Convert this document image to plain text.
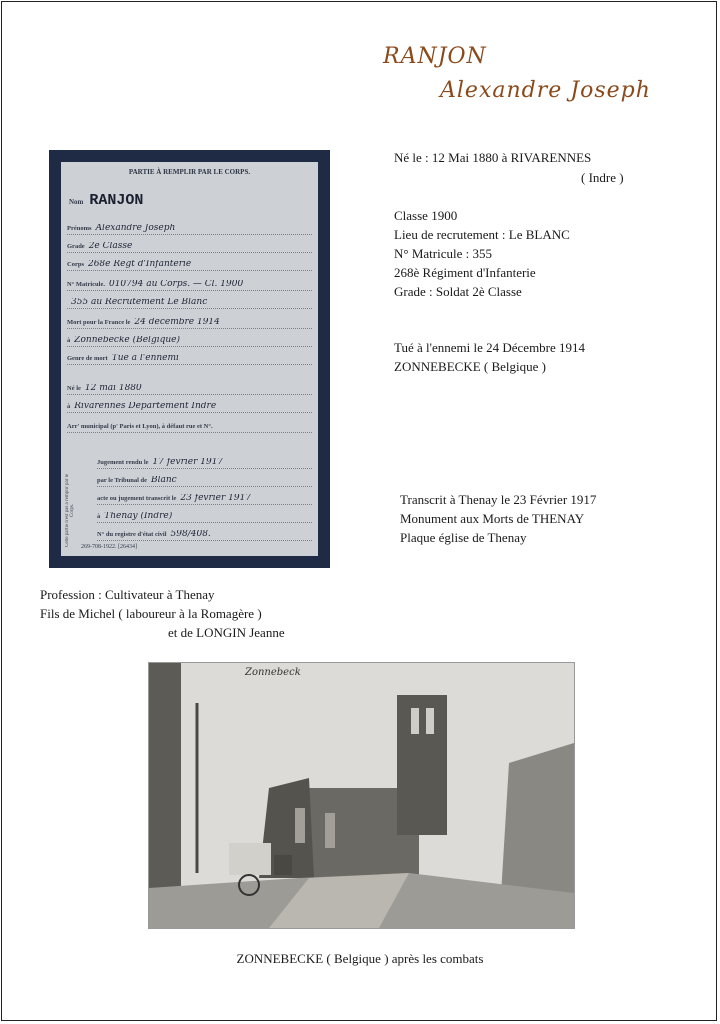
RANJON
Alexandre Joseph
PARTIE À REMPLIR PAR LE CORPS.
Nom RANJON
Prénoms Alexandre Joseph
Grade 2e Classe
Corps 268e Régt d'Infanterie
N° Matricule. 010794 au Corps. — Cl. 1900
355 au Recrutement Le Blanc
Mort pour la France le 24 décembre 1914
à Zonnebecke (Belgique)
Genre de mort Tué à l'ennemi
Né le 12 mai 1880
à Rivarennes Département Indre
Arr' municipal (p' Paris et Lyon), à défaut rue et N°.
Jugement rendu le 17 février 1917
par le Tribunal de Blanc
acte ou jugement transcrit le 23 février 1917
à Thenay (Indre)
N° du registre d'état civil 598/408.
Cette partie n'est pas à remplir par le Corps.
269-708-1922. [26434]
Né le : 12 Mai 1880 à RIVARENNES
( Indre )
Classe 1900
Lieu de recrutement : Le BLANC
N° Matricule : 355
268è Régiment d'Infanterie
Grade : Soldat 2è Classe
Tué à l'ennemi le 24 Décembre 1914
ZONNEBECKE ( Belgique )
Transcrit à Thenay le 23 Février 1917
Monument aux Morts de THENAY
Plaque église de Thenay
Profession : Cultivateur à Thenay
Fils de Michel ( laboureur à la Romagère )
et de LONGIN Jeanne
Zonnebeck
ZONNEBECKE ( Belgique ) après les combats
